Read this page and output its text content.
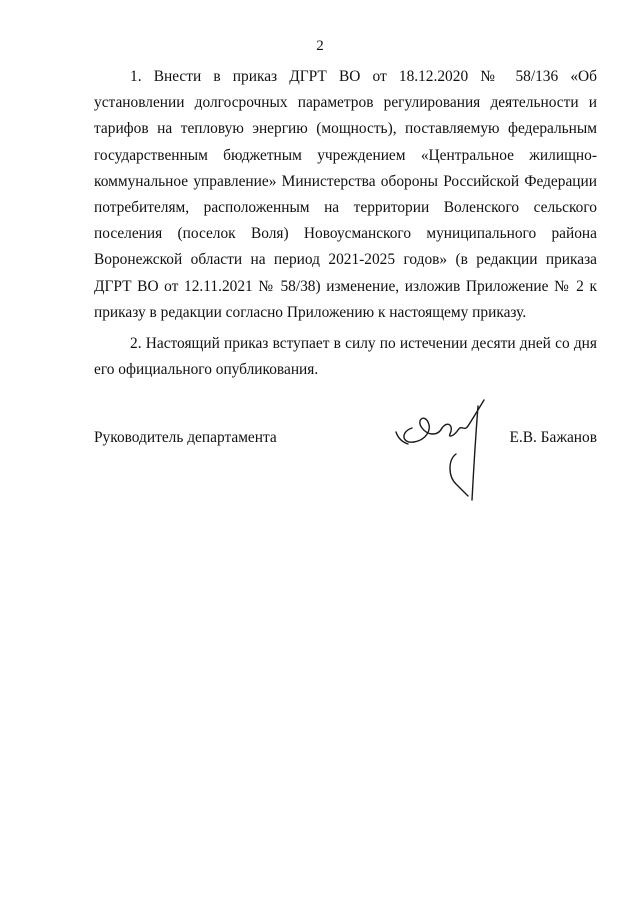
2

1. Внести в приказ ДГРТ ВО от 18.12.2020 № 58/136 «Об установлении долгосрочных параметров регулирования деятельности и тарифов на тепловую энергию (мощность), поставляемую федеральным государственным бюджетным учреждением «Центральное жилищно-коммунальное управление» Министерства обороны Российской Федерации потребителям, расположенным на территории Воленского сельского поселения (поселок Воля) Новоусманского муниципального района Воронежской области на период 2021-2025 годов» (в редакции приказа ДГРТ ВО от 12.11.2021 № 58/38) изменение, изложив Приложение № 2 к приказу в редакции согласно Приложению к настоящему приказу.

2. Настоящий приказ вступает в силу по истечении десяти дней со дня его официального опубликования.

Руководитель департамента	Е.В. Бажанов
